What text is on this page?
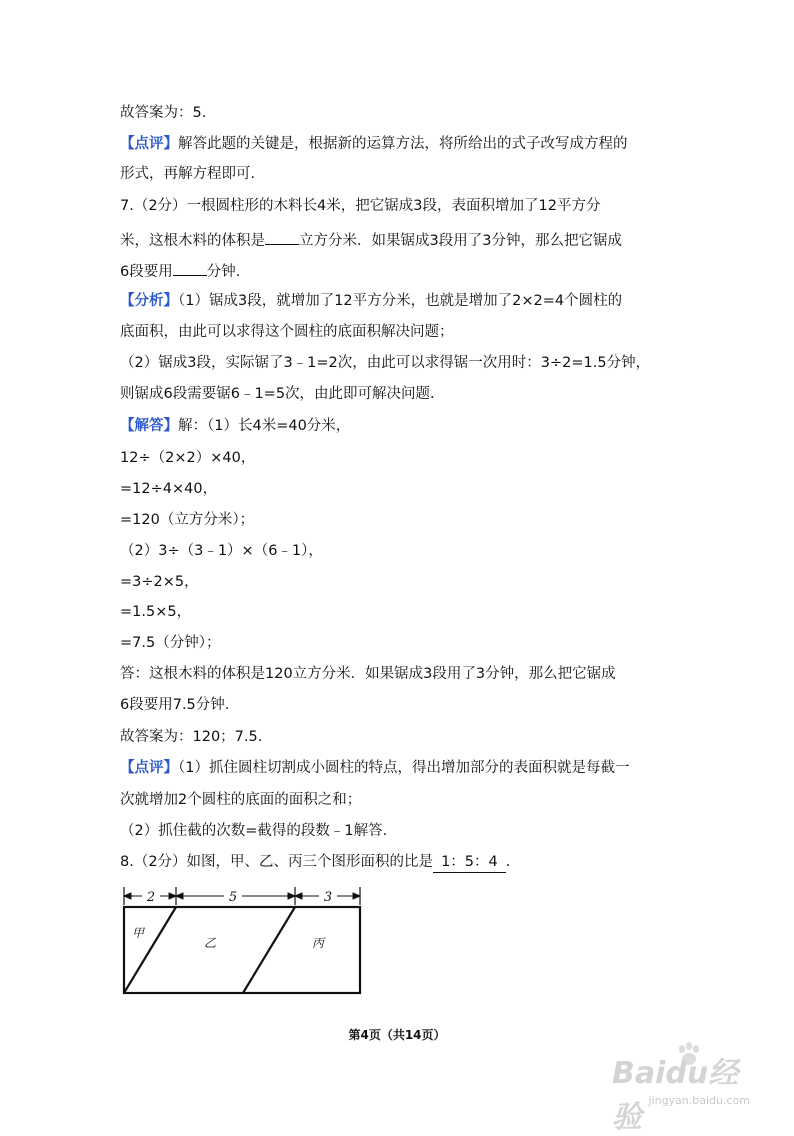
故答案为：5.
【点评】解答此题的关键是，根据新的运算方法，将所给出的式子改写成方程的
形式，再解方程即可.
7.（2分）一根圆柱形的木料长4米，把它锯成3段，表面积增加了12平方分
米，这根木料的体积是 立方分米．如果锯成3段用了3分钟，那么把它锯成
6段要用 分钟.
【分析】（1）锯成3段，就增加了12平方分米，也就是增加了2×2=4个圆柱的
底面积，由此可以求得这个圆柱的底面积解决问题；
（2）锯成3段，实际锯了3﹣1=2次，由此可以求得锯一次用时：3÷2=1.5分钟，
则锯成6段需要锯6﹣1=5次，由此即可解决问题.
【解答】解：（1）长4米=40分米，
12÷（2×2）×40，
=12÷4×40，
=120（立方分米）；
（2）3÷（3﹣1）×（6﹣1），
=3÷2×5，
=1.5×5，
=7.5（分钟）；
答：这根木料的体积是120立方分米．如果锯成3段用了3分钟，那么把它锯成
6段要用7.5分钟.
故答案为：120；7.5.
【点评】（1）抓住圆柱切割成小圆柱的特点，得出增加部分的表面积就是每截一
次就增加2个圆柱的底面的面积之和；
（2）抓住截的次数=截得的段数﹣1解答.
8.（2分）如图，甲、乙、丙三个图形面积的比是 1：5：4 .
2	5	3
甲
乙	丙
第4页（共14页）
Baidu经验 jingyan.baidu.com
